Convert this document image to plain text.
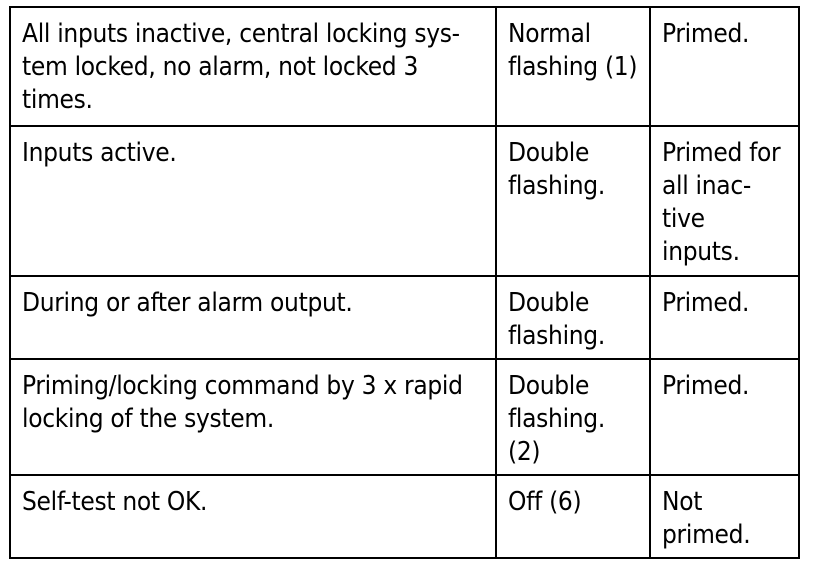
All inputs inactive, central locking sys-
tem locked, no alarm, not locked 3
times.	Normal
flashing (1)	Primed.

Inputs active.	Double
flashing.	Primed for
all inac-
tive
inputs.

During or after alarm output.	Double
flashing.	Primed.

Priming/locking command by 3 x rapid
locking of the system.	Double
flashing.
(2)	Primed.

Self-test not OK.	Off (6)	Not
primed.
